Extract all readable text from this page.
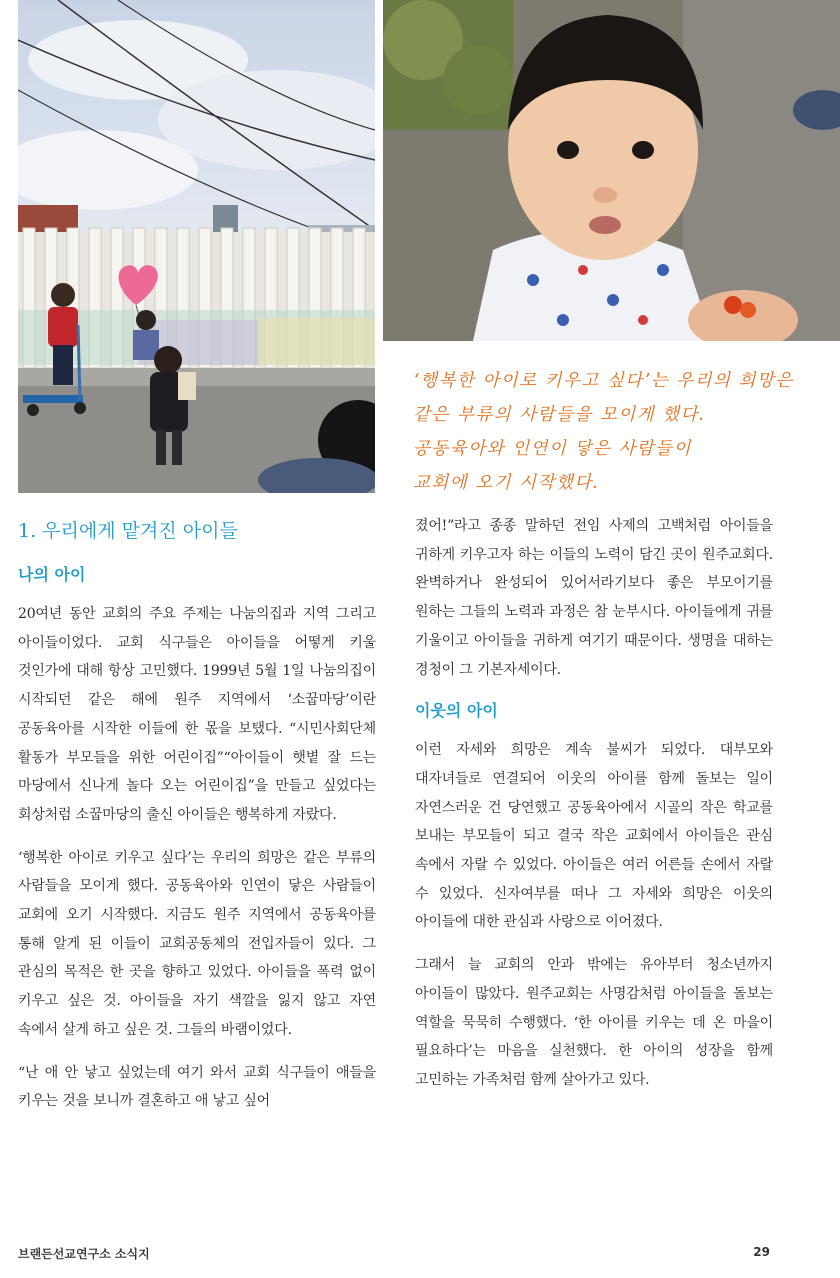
‘행복한 아이로 키우고 싶다’는 우리의 희망은
같은 부류의 사람들을 모이게 했다.
공동육아와 인연이 닿은 사람들이
교회에 오기 시작했다.
1. 우리에게 맡겨진 아이들
나의 아이

20여년 동안 교회의 주요 주제는 나눔의집과 지역 그리고 아이들이었다. 교회 식구들은 아이들을 어떻게 키울 것인가에 대해 항상 고민했다. 1999년 5월 1일 나눔의집이 시작되던 같은 해에 원주 지역에서 ‘소꿉마당’이란 공동육아를 시작한 이들에 한 몫을 보탰다. “시민사회단체 활동가 부모들을 위한 어린이집”“아이들이 햇볕 잘 드는 마당에서 신나게 놀다 오는 어린이집”을 만들고 싶었다는 회상처럼 소꿉마당의 출신 아이들은 행복하게 자랐다.

‘행복한 아이로 키우고 싶다’는 우리의 희망은 같은 부류의 사람들을 모이게 했다. 공동육아와 인연이 닿은 사람들이 교회에 오기 시작했다. 지금도 원주 지역에서 공동육아를 통해 알게 된 이들이 교회공동체의 전입자들이 있다. 그 관심의 목적은 한 곳을 향하고 있었다. 아이들을 폭력 없이 키우고 싶은 것. 아이들을 자기 색깔을 잃지 않고 자연 속에서 살게 하고 싶은 것. 그들의 바램이었다.

“난 애 안 낳고 싶었는데 여기 와서 교회 식구들이 애들을 키우는 것을 보니까 결혼하고 애 낳고 싶어

졌어!”라고 종종 말하던 전임 사제의 고백처럼 아이들을 귀하게 키우고자 하는 이들의 노력이 담긴 곳이 원주교회다. 완벽하거나 완성되어 있어서라기보다 좋은 부모이기를 원하는 그들의 노력과 과정은 참 눈부시다. 아이들에게 귀를 기울이고 아이들을 귀하게 여기기 때문이다. 생명을 대하는 경청이 그 기본자세이다.

이웃의 아이

이런 자세와 희망은 계속 불씨가 되었다. 대부모와 대자녀들로 연결되어 이웃의 아이를 함께 돌보는 일이 자연스러운 건 당연했고 공동육아에서 시골의 작은 학교를 보내는 부모들이 되고 결국 작은 교회에서 아이들은 관심 속에서 자랄 수 있었다. 아이들은 여러 어른들 손에서 자랄 수 있었다. 신자여부를 떠나 그 자세와 희망은 이웃의 아이들에 대한 관심과 사랑으로 이어졌다.

그래서 늘 교회의 안과 밖에는 유아부터 청소년까지 아이들이 많았다. 원주교회는 사명감처럼 아이들을 돌보는 역할을 묵묵히 수행했다. ‘한 아이를 키우는 데 온 마을이 필요하다’는 마음을 실천했다. 한 아이의 성장을 함께 고민하는 가족처럼 함께 살아가고 있다.

브랜든선교연구소 소식지	29
